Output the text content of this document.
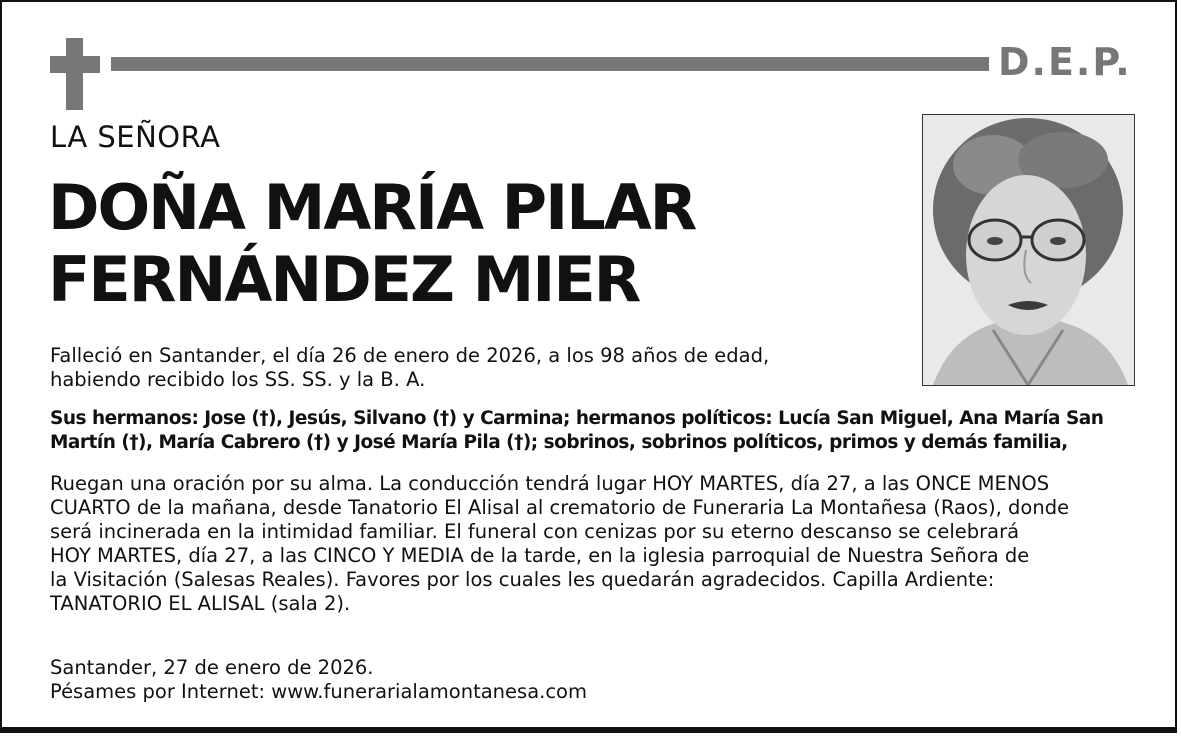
D.E.P.
LA SEÑORA
DOÑA MARÍA PILAR
FERNÁNDEZ MIER
Falleció en Santander, el día 26 de enero de 2026, a los 98 años de edad,
habiendo recibido los SS. SS. y la B. A.
Sus hermanos: Jose (†), Jesús, Silvano (†) y Carmina; hermanos políticos: Lucía San Miguel, Ana María San
Martín (†), María Cabrero (†) y José María Pila (†); sobrinos, sobrinos políticos, primos y demás familia,
Ruegan una oración por su alma. La conducción tendrá lugar HOY MARTES, día 27, a las ONCE MENOS
CUARTO de la mañana, desde Tanatorio El Alisal al crematorio de Funeraria La Montañesa (Raos), donde
será incinerada en la intimidad familiar. El funeral con cenizas por su eterno descanso se celebrará
HOY MARTES, día 27, a las CINCO Y MEDIA de la tarde, en la iglesia parroquial de Nuestra Señora de
la Visitación (Salesas Reales). Favores por los cuales les quedarán agradecidos. Capilla Ardiente:
TANATORIO EL ALISAL (sala 2).
Santander, 27 de enero de 2026.
Pésames por Internet: www.funerarialamontanesa.com
